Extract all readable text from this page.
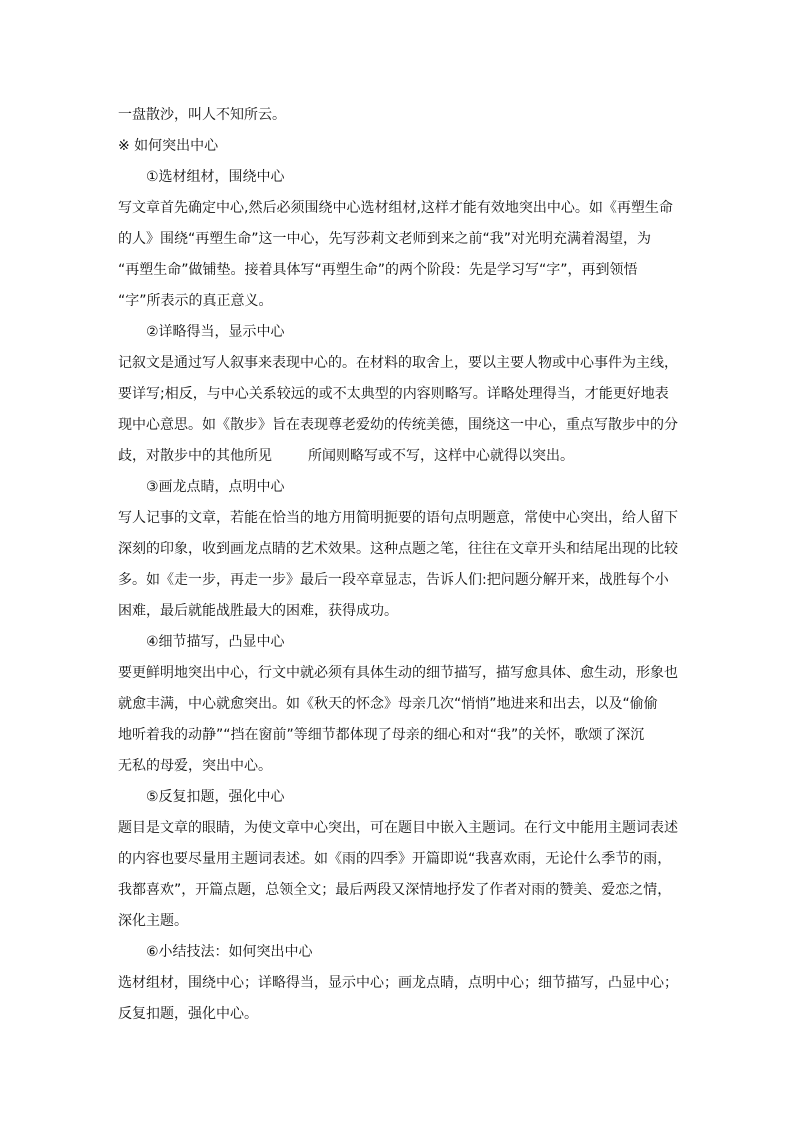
一盘散沙，叫人不知所云。
※ 如何突出中心
①选材组材，围绕中心
写文章首先确定中心,然后必须围绕中心选材组材,这样才能有效地突出中心。如《再塑生命
的人》围绕“再塑生命”这一中心，先写莎莉文老师到来之前“我”对光明充满着渴望，为
“再塑生命”做铺垫。接着具体写“再塑生命”的两个阶段：先是学习写“字”，再到领悟
“字”所表示的真正意义。
②详略得当，显示中心
记叙文是通过写人叙事来表现中心的。在材料的取舍上，要以主要人物或中心事件为主线，
要详写;相反，与中心关系较远的或不太典型的内容则略写。详略处理得当，才能更好地表
现中心意思。如《散步》旨在表现尊老爱幼的传统美德，围绕这一中心，重点写散步中的分
歧，对散步中的其他所见	所闻则略写或不写，这样中心就得以突出。
③画龙点睛，点明中心
写人记事的文章，若能在恰当的地方用简明扼要的语句点明题意，常使中心突出，给人留下
深刻的印象，收到画龙点睛的艺术效果。这种点题之笔，往往在文章开头和结尾出现的比较
多。如《走一步，再走一步》最后一段卒章显志，告诉人们:把问题分解开来，战胜每个小
困难，最后就能战胜最大的困难，获得成功。
④细节描写，凸显中心
要更鲜明地突出中心，行文中就必须有具体生动的细节描写，描写愈具体、愈生动，形象也
就愈丰满，中心就愈突出。如《秋天的怀念》母亲几次“悄悄”地进来和出去，以及“偷偷
地听着我的动静”“挡在窗前”等细节都体现了母亲的细心和对“我”的关怀，歌颂了深沉
无私的母爱，突出中心。
⑤反复扣题，强化中心
题目是文章的眼睛，为使文章中心突出，可在题目中嵌入主题词。在行文中能用主题词表述
的内容也要尽量用主题词表述。如《雨的四季》开篇即说“我喜欢雨，无论什么季节的雨，
我都喜欢”，开篇点题，总领全文；最后两段又深情地抒发了作者对雨的赞美、爱恋之情，
深化主题。
⑥小结技法：如何突出中心
选材组材，围绕中心；详略得当，显示中心；画龙点睛，点明中心；细节描写，凸显中心；
反复扣题，强化中心。
